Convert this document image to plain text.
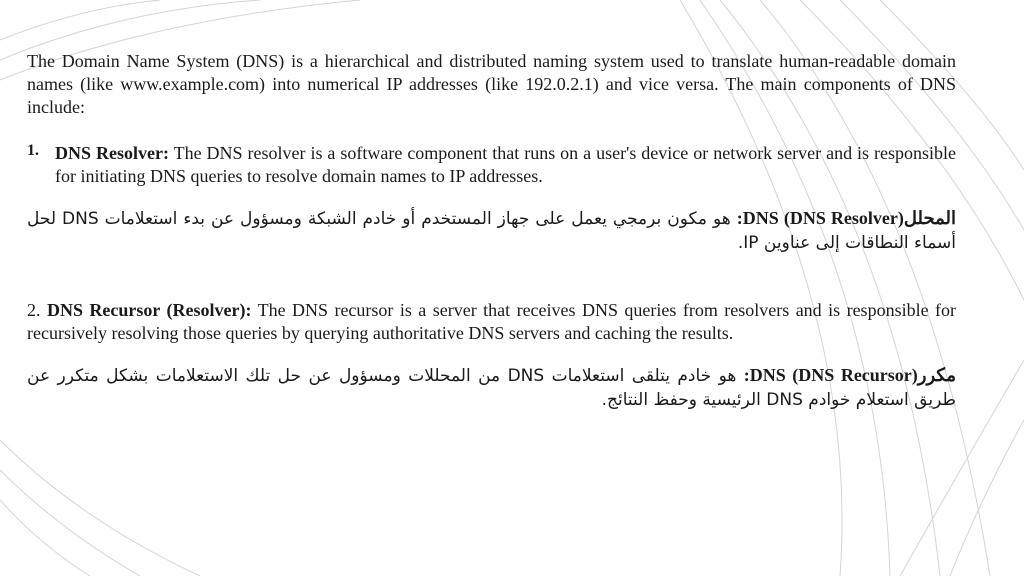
The Domain Name System (DNS) is a hierarchical and distributed naming system used to translate human-readable domain names (like www.example.com) into numerical IP addresses (like 192.0.2.1) and vice versa. The main components of DNS include:

1. DNS Resolver: The DNS resolver is a software component that runs on a user's device or network server and is responsible for initiating DNS queries to resolve domain names to IP addresses.

المحللDNS (DNS Resolver): هو مكون برمجي يعمل على جهاز المستخدم أو خادم الشبكة ومسؤول عن بدء استعلامات DNS لحل أسماء النطاقات إلى عناوين IP.

2. DNS Recursor (Resolver): The DNS recursor is a server that receives DNS queries from resolvers and is responsible for recursively resolving those queries by querying authoritative DNS servers and caching the results.

مكررDNS (DNS Recursor): هو خادم يتلقى استعلامات DNS من المحللات ومسؤول عن حل تلك الاستعلامات بشكل متكرر عن طريق استعلام خوادم DNS الرئيسية وحفظ النتائج.
